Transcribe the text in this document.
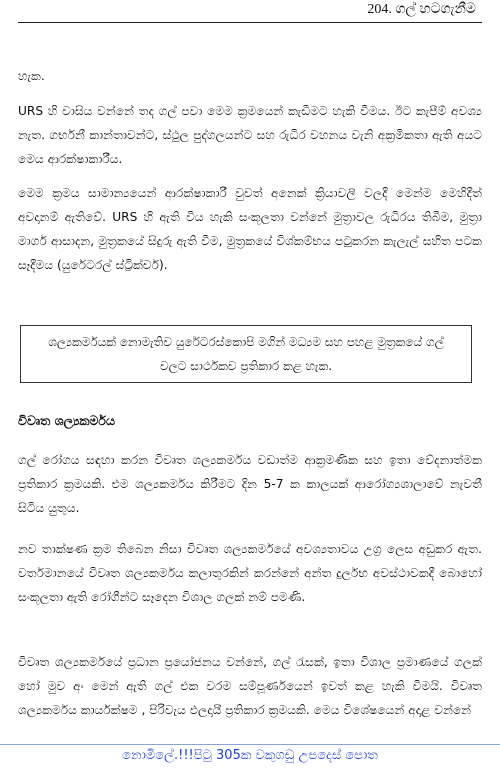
204. ගල් හටගැනීම

හැක.

URS හි වාසිය වන්නේ තද ගල් පවා මෙම ක්‍රමයෙන් කැඩීමට හැකි වීමය. ඊට කැපීම් අවශ්‍ය නැත. ගර්භනී කාන්තාවන්ට, ස්ථුල පුද්ගලයන්ට සහ රුධිර වහනය වැනි අක්‍රමිකතා ඇති අයට මෙය ආරක්ෂාකාරීය.

මෙම ක්‍රමය සාමාන්‍යයෙන් ආරක්ෂාකාරී වුවත් අනෙක් ක්‍රියාවලි වලදී මෙන්ම මෙහිදීත් අවදානම් ඇතිවේ. URS හි ඇති විය හැකි සංකූලතා වන්නේ මුත්‍රාවල රුධිරය තිබීම, මුත්‍රා මාර්ග ආසාදන, මුත්‍රකයේ සිදුරු ඇති වීම, මුත්‍රකයේ විශ්කම්භය පටුකරන කැලැල් සහිත පටක සෑදීමය (යුරේටරල් ස්ට්‍රික්චර්).

ශල්‍යකර්මයක් නොමැතිව යුරේටරස්කොපි මගින් මධ්‍යම සහ පහළ මුත්‍රකයේ ගල් වලට සාර්ථකව ප්‍රතිකාර කළ හැක.
විවෘත ශල්‍යකර්මය

ගල් රෝගය සඳහා කරන විවෘත ශල්‍යකර්මය වඩාත්ම ආක්‍රමණික සහ ඉතා වේදනාත්මක ප්‍රතිකාර ක්‍රමයකි. එම ශල්‍යකර්මය කිරීමට දින 5-7 ක කාලයක් ආරෝග්‍යශාලාවේ නැවතී සිටිය යුතුය.

නව තාක්ෂණ ක්‍රම තිබෙන නිසා විවෘත ශල්‍යකර්මයේ අවශ්‍යතාවය උග්‍ර ලෙස අඩුකර ඇත. වර්තමානයේ විවෘත ශල්‍යකර්මය කලාතුරකින් කරන්නේ අන්ත දුර්ලභ අවස්ථාවකදී බොහෝ සංකූලතා ඇති රෝගීන්ට සෑදෙන විශාල ගලක් නම් පමණි.

විවෘත ශල්‍යකර්මයේ ප්‍රධාන ප්‍රයෝජනය වන්නේ, ගල් රැසක්, ඉතා විශාල ප්‍රමාණයේ ගලක් හෝ මුව අං මෙන් ඇති ගල් එක වරම සම්පූර්ණයෙන් ඉවත් කළ හැකි වීමයි. විවෘත ශල්‍යකර්මය කාර්යක්ෂම , පිරිවැය ඵලදායී ප්‍රතිකාර ක්‍රමයකි. මෙය විශේෂයෙන් අදාළ වන්නේ

නොමිලේ.!!!පිටු 305ක වකුගඩු උපදෙස් පොත
